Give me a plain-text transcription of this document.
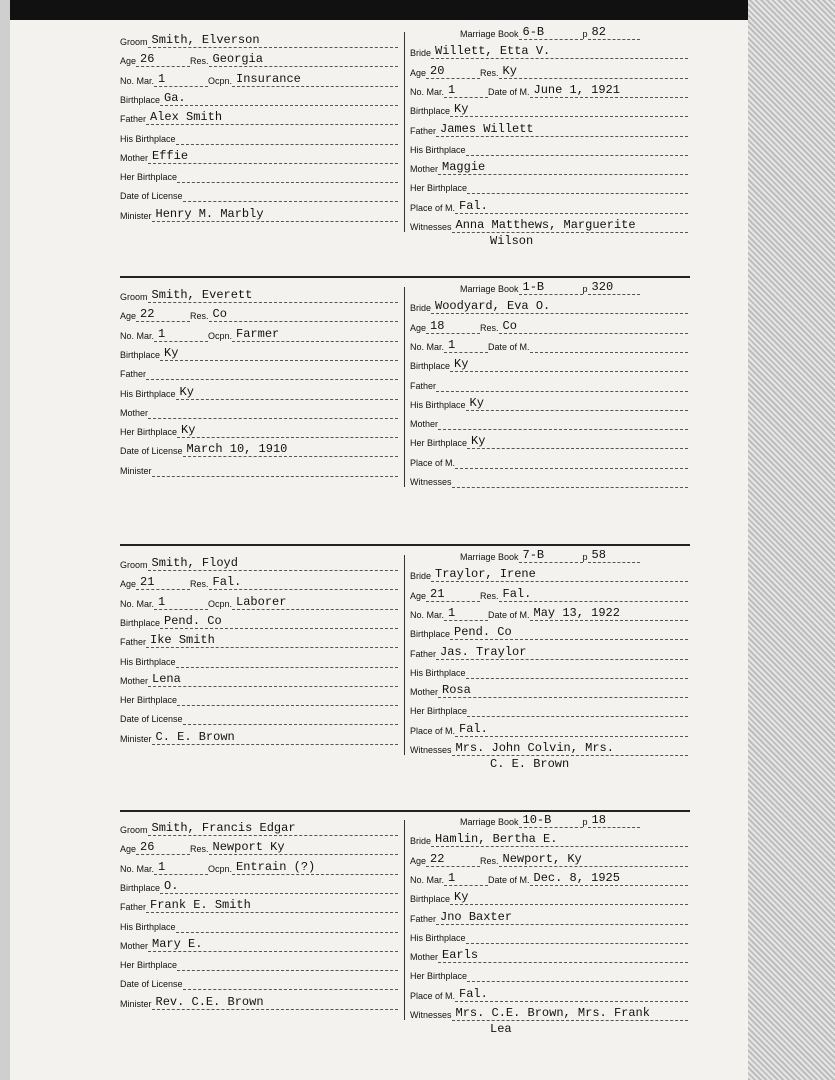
Groom Smith, Elverson
Age 26	Res. Georgia
No. Mar. 1	Ocpn. Insurance
Birthplace Ga.
Father Alex Smith
His Birthplace
Mother Effie
Her Birthplace
Date of License
Minister Henry M. Marbly
Marriage Book 6-B	p 82
Bride Willett, Etta V.
Age 20	Res. Ky
No. Mar. 1	Date of M. June 1, 1921
Birthplace Ky
Father James Willett
His Birthplace
Mother Maggie
Her Birthplace
Place of M. Fal.
Witnesses Anna Matthews, Marguerite
Wilson
Groom Smith, Everett
Age 22	Res. Co
No. Mar. 1	Ocpn. Farmer
Birthplace Ky
Father
His Birthplace Ky
Mother
Her Birthplace Ky
Date of License March 10, 1910
Minister
Marriage Book 1-B	p 320
Bride Woodyard, Eva O.
Age 18	Res. Co
No. Mar. 1	Date of M.
Birthplace Ky
Father
His Birthplace Ky
Mother
Her Birthplace Ky
Place of M.
Witnesses
Groom Smith, Floyd
Age 21	Res. Fal.
No. Mar. 1	Ocpn. Laborer
Birthplace Pend. Co
Father Ike Smith
His Birthplace
Mother Lena
Her Birthplace
Date of License
Minister C. E. Brown
Marriage Book 7-B	p 58
Bride Traylor, Irene
Age 21	Res. Fal.
No. Mar. 1	Date of M. May 13, 1922
Birthplace Pend. Co
Father Jas. Traylor
His Birthplace
Mother Rosa
Her Birthplace
Place of M. Fal.
Witnesses Mrs. John Colvin, Mrs.
C. E. Brown
Groom Smith, Francis Edgar
Age 26	Res. Newport Ky
No. Mar. 1	Ocpn. Entrain (?)
Birthplace O.
Father Frank E. Smith
His Birthplace
Mother Mary E.
Her Birthplace
Date of License
Minister Rev. C.E. Brown
Marriage Book 10-B	p 18
Bride Hamlin, Bertha E.
Age 22	Res. Newport, Ky
No. Mar. 1	Date of M. Dec. 8, 1925
Birthplace Ky
Father Jno Baxter
His Birthplace
Mother Earls
Her Birthplace
Place of M. Fal.
Witnesses Mrs. C.E. Brown, Mrs. Frank
Lea
